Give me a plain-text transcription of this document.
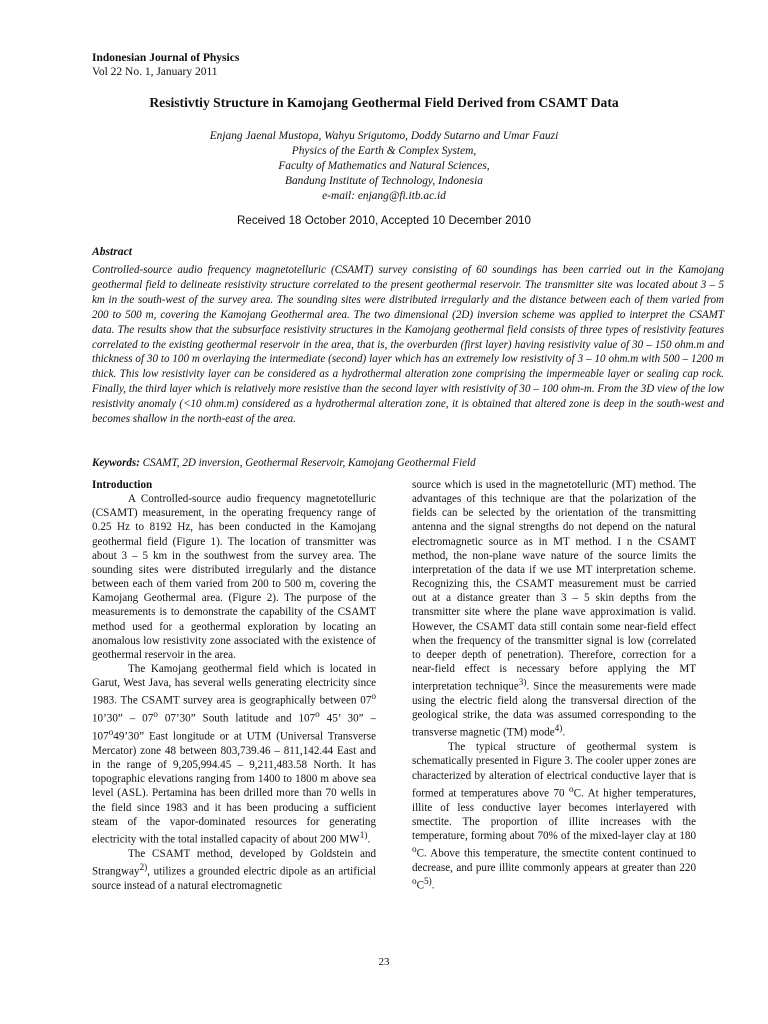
Indonesian Journal of Physics
Vol 22 No. 1, January 2011
Resistivtiy Structure in Kamojang Geothermal Field Derived from CSAMT Data
Enjang Jaenal Mustopa, Wahyu Srigutomo, Doddy Sutarno and Umar Fauzi
Physics of the Earth & Complex System,
Faculty of Mathematics and Natural Sciences,
Bandung Institute of Technology, Indonesia
e-mail: enjang@fi.itb.ac.id
Received 18 October 2010, Accepted 10 December 2010
Abstract

Controlled-source audio frequency magnetotelluric (CSAMT) survey consisting of 60 soundings has been carried out in the Kamojang geothermal field to delineate resistivity structure correlated to the present geothermal reservoir. The transmitter site was located about 3 – 5 km in the south-west of the survey area. The sounding sites were distributed irregularly and the distance between each of them varied from 200 to 500 m, covering the Kamojang Geothermal area. The two dimensional (2D) inversion scheme was applied to interpret the CSAMT data. The results show that the subsurface resistivity structures in the Kamojang geothermal field consists of three types of resistivity features correlated to the existing geothermal reservoir in the area, that is, the overburden (first layer) having resistivity value of 30 – 150 ohm.m and thickness of 30 to 100 m overlaying the intermediate (second) layer which has an extremely low resistivity of 3 – 10 ohm.m with 500 – 1200 m thick. This low resistivity layer can be considered as a hydrothermal alteration zone comprising the impermeable layer or sealing cap rock. Finally, the third layer which is relatively more resistive than the second layer with resistivity of 30 – 100 ohm-m. From the 3D view of the low resistivity anomaly (<10 ohm.m) considered as a hydrothermal alteration zone, it is obtained that altered zone is deep in the south-west and becomes shallow in the north-east of the area.

Keywords: CSAMT, 2D inversion, Geothermal Reservoir, Kamojang Geothermal Field

Introduction

A Controlled-source audio frequency magnetotelluric (CSAMT) measurement, in the operating frequency range of 0.25 Hz to 8192 Hz, has been conducted in the Kamojang geothermal field (Figure 1). The location of transmitter was about 3 – 5 km in the southwest from the survey area. The sounding sites were distributed irregularly and the distance between each of them varied from 200 to 500 m, covering the Kamojang Geothermal area. (Figure 2). The purpose of the measurements is to demonstrate the capability of the CSAMT method used for a geothermal exploration by locating an anomalous low resistivity zone associated with the existence of geothermal reservoir in the area.

The Kamojang geothermal field which is located in Garut, West Java, has several wells generating electricity since 1983. The CSAMT survey area is geographically between 07$^o$ 10’30” – 07$^o$ 07’30” South latitude and 107$^o$ 45’ 30” – 107$^o$49’30” East longitude or at UTM (Universal Transverse Mercator) zone 48 between 803,739.46 – 811,142.44 East and in the range of 9,205,994.45 – 9,211,483.58 North. It has topographic elevations ranging from 1400 to 1800 m above sea level (ASL). Pertamina has been drilled more than 70 wells in the field since 1983 and it has been producing a sufficient steam of the vapor-dominated resources for generating electricity with the total installed capacity of about 200 MW$^{1)}$.

The CSAMT method, developed by Goldstein and Strangway$^{2)}$, utilizes a grounded electric dipole as an artificial source instead of a natural electromagnetic

source which is used in the magnetotelluric (MT) method. The advantages of this technique are that the polarization of the fields can be selected by the orientation of the transmitting antenna and the signal strengths do not depend on the natural electromagnetic source as in MT method. I n the CSAMT method, the non-plane wave nature of the source limits the interpretation of the data if we use MT interpretation scheme. Recognizing this, the CSAMT measurement must be carried out at a distance greater than 3 – 5 skin depths from the transmitter site where the plane wave approximation is valid. However, the CSAMT data still contain some near-field effect when the frequency of the transmitter signal is low (correlated to deeper depth of penetration). Therefore, correction for a near-field effect is necessary before applying the MT interpretation technique$^{3)}$. Since the measurements were made using the electric field along the transversal direction of the geological strike, the data was assumed corresponding to the transverse magnetic (TM) mode$^{4)}$.

The typical structure of geothermal system is schematically presented in Figure 3. The cooler upper zones are characterized by alteration of electrical conductive layer that is formed at temperatures above 70 $^o$C. At higher temperatures, illite of less conductive layer becomes interlayered with smectite. The proportion of illite increases with the temperature, forming about 70% of the mixed-layer clay at 180 $^o$C. Above this temperature, the smectite content continued to decrease, and pure illite commonly appears at greater than 220 $^oC^{5)}$.

23
